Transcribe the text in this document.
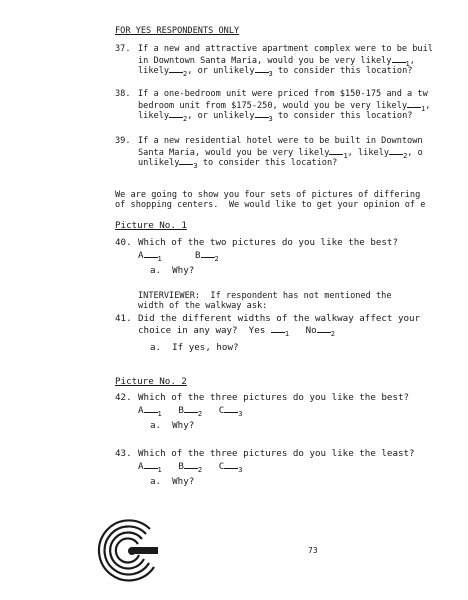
FOR YES RESPONDENTS ONLY
37. If a new and attractive apartment complex were to be buil
in Downtown Santa Maria, would you be very likely $_1$,
likely $_2$, or unlikely $_3$ to consider this location?
38. If a one-bedroom unit were priced from $150-175 and a tw
bedroom unit from $175-250, would you be very likely $_1$,
likely $_2$, or unlikely $_3$ to consider this location?
39. If a new residential hotel were to be built in Downtown
Santa Maria, would you be very likely $_1$, likely $_2$, o
unlikely $_3$ to consider this location?
We are going to show you four sets of pictures of differing
of shopping centers.  We would like to get your opinion of e
Picture No. 1
40. Which of the two pictures do you like the best?
A $_1$	B $_2$
a.  Why?
INTERVIEWER:  If respondent has not mentioned the
width of the walkway ask:
41. Did the different widths of the walkway affect your
choice in any way? Yes	$_1$ No $_2$
a.  If yes, how?
Picture No. 2
42. Which of the three pictures do you like the best?
A $_1$ B $_2$ C $_3$
a.  Why?
43. Which of the three pictures do you like the least?
A $_1$ B $_2$ C $_3$
a.  Why?
73
